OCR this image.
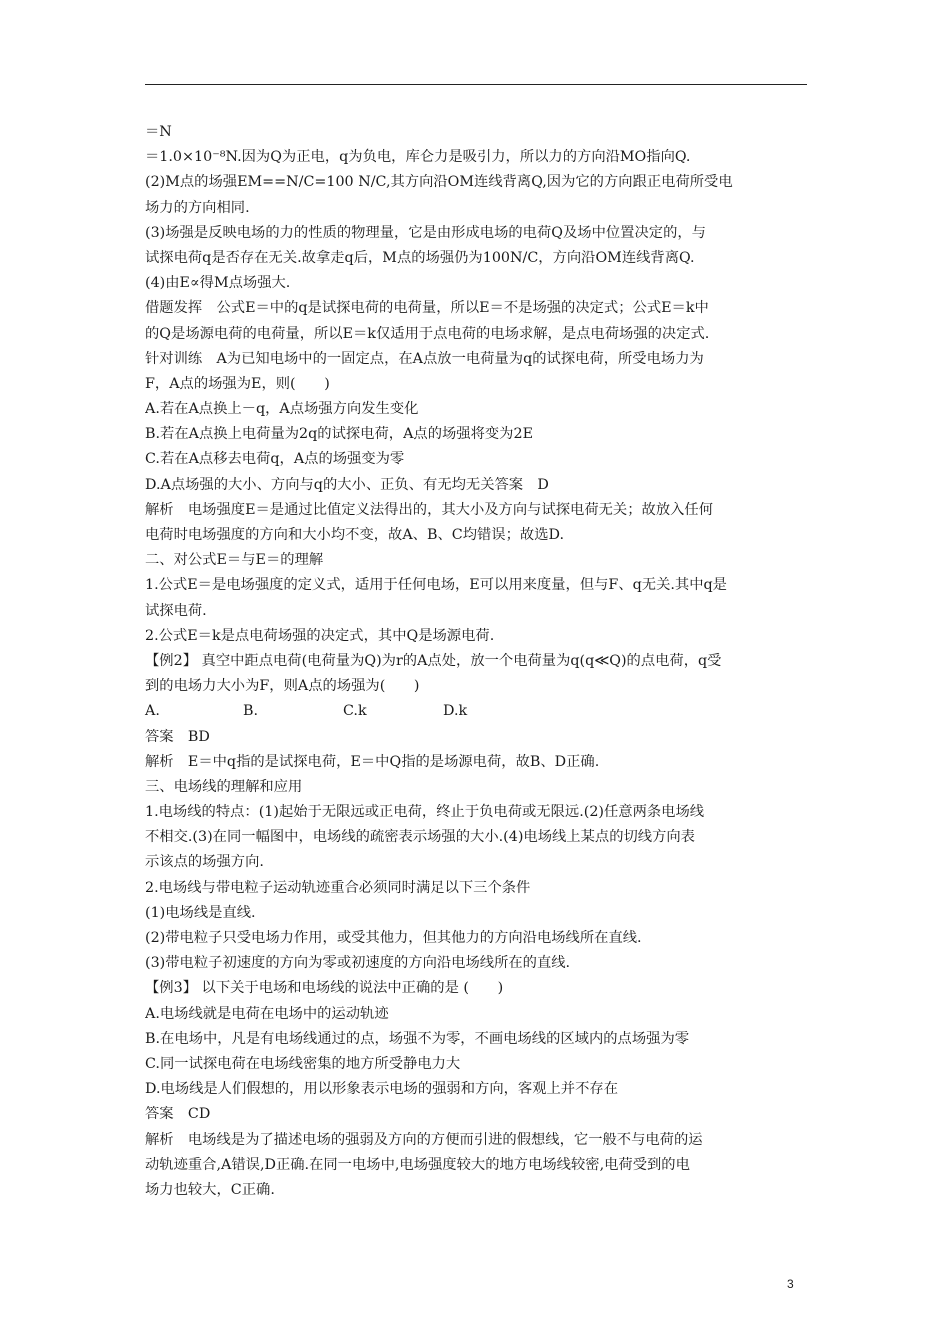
＝N
＝1.0×10⁻⁸N.因为Q为正电，q为负电，库仑力是吸引力，所以力的方向沿MO指向Q.
(2)M点的场强EM==N/C=100 N/C,其方向沿OM连线背离Q,因为它的方向跟正电荷所受电
场力的方向相同.
(3)场强是反映电场的力的性质的物理量，它是由形成电场的电荷Q及场中位置决定的，与
试探电荷q是否存在无关.故拿走q后，M点的场强仍为100N/C，方向沿OM连线背离Q.
(4)由E∝得M点场强大.
借题发挥　公式E＝中的q是试探电荷的电荷量，所以E＝不是场强的决定式；公式E＝k中
的Q是场源电荷的电荷量，所以E＝k仅适用于点电荷的电场求解，是点电荷场强的决定式.
针对训练　A为已知电场中的一固定点，在A点放一电荷量为q的试探电荷，所受电场力为
F，A点的场强为E，则(　　)
A.若在A点换上－q，A点场强方向发生变化
B.若在A点换上电荷量为2q的试探电荷，A点的场强将变为2E
C.若在A点移去电荷q，A点的场强变为零
D.A点场强的大小、方向与q的大小、正负、有无均无关答案　D
解析　电场强度E＝是通过比值定义法得出的，其大小及方向与试探电荷无关；故放入任何
电荷时电场强度的方向和大小均不变，故A、B、C均错误；故选D.
二、对公式E＝与E＝的理解
1.公式E＝是电场强度的定义式，适用于任何电场，E可以用来度量，但与F、q无关.其中q是
试探电荷.
2.公式E＝k是点电荷场强的决定式，其中Q是场源电荷.
【例2】 真空中距点电荷(电荷量为Q)为r的A点处，放一个电荷量为q(q≪Q)的点电荷，q受
到的电场力大小为F，则A点的场强为(　　)
A.	B.	C.k	D.k
答案　BD
解析　E＝中q指的是试探电荷，E＝中Q指的是场源电荷，故B、D正确.
三、电场线的理解和应用
1.电场线的特点：(1)起始于无限远或正电荷，终止于负电荷或无限远.(2)任意两条电场线
不相交.(3)在同一幅图中，电场线的疏密表示场强的大小.(4)电场线上某点的切线方向表
示该点的场强方向.
2.电场线与带电粒子运动轨迹重合必须同时满足以下三个条件
(1)电场线是直线.
(2)带电粒子只受电场力作用，或受其他力，但其他力的方向沿电场线所在直线.
(3)带电粒子初速度的方向为零或初速度的方向沿电场线所在的直线.
【例3】 以下关于电场和电场线的说法中正确的是 (　　)
A.电场线就是电荷在电场中的运动轨迹
B.在电场中，凡是有电场线通过的点，场强不为零，不画电场线的区域内的点场强为零
C.同一试探电荷在电场线密集的地方所受静电力大
D.电场线是人们假想的，用以形象表示电场的强弱和方向，客观上并不存在
答案　CD
解析　电场线是为了描述电场的强弱及方向的方便而引进的假想线，它一般不与电荷的运
动轨迹重合,A错误,D正确.在同一电场中,电场强度较大的地方电场线较密,电荷受到的电
场力也较大，C正确.
3
